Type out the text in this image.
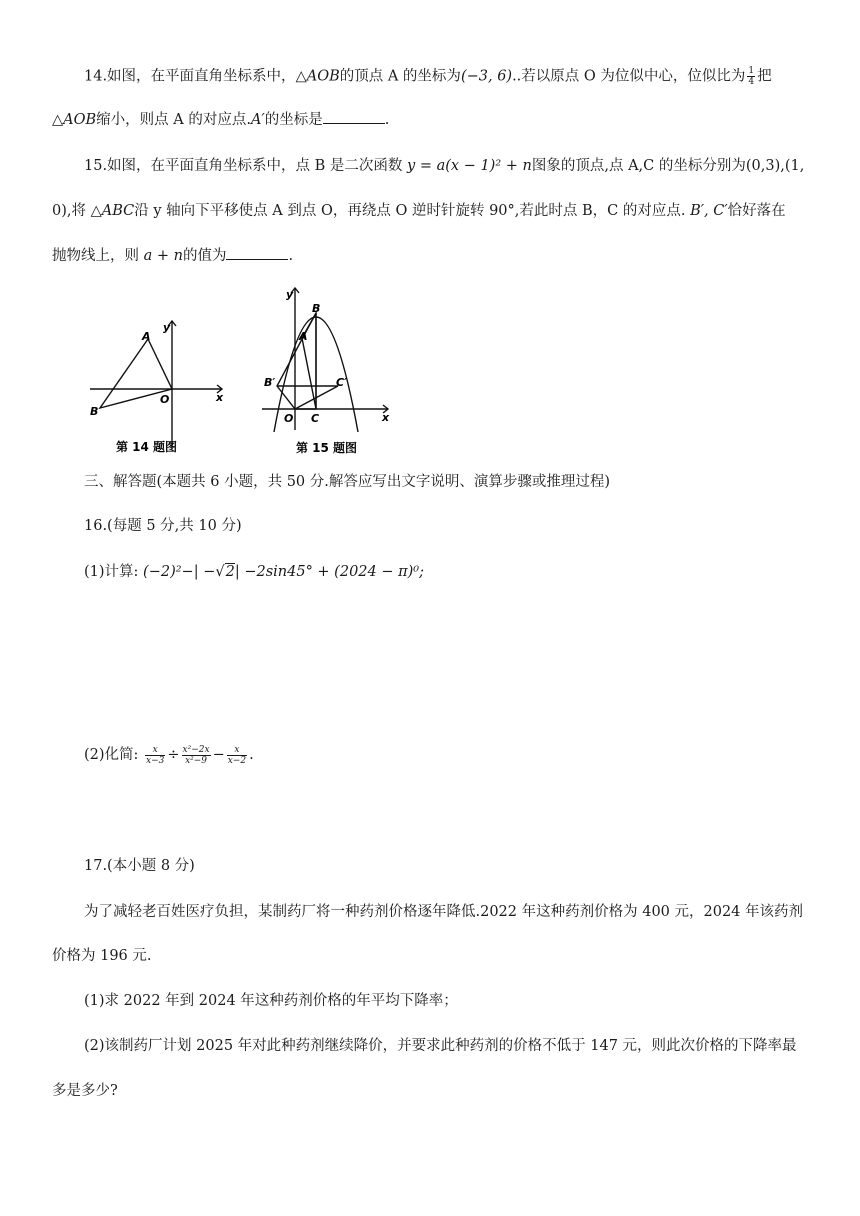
14.如图，在平面直角坐标系中，△AOB的顶点 A 的坐标为(−3, 6)..若以原点 O 为位似中心，位似比为 $\frac{1}{4}$ 把
△AOB缩小，则点 A 的对应点.A′的坐标是	.
15.如图，在平面直角坐标系中，点 B 是二次函数 y = a(x − 1)² + n图象的顶点,点 A,C 的坐标分别为(0,3),(1,
0),将 △ABC沿 y 轴向下平移使点 A 到点 O，再绕点 O 逆时针旋转 90°,若此时点 B，C 的对应点. B′, C′恰好落在
抛物线上，则 a + n的值为	.
A
B
O	x
y
第 14 题图
B
A
B′	C′
C
O	x
y
第 15 题图
三、解答题(本题共 6 小题，共 50 分.解答应写出文字说明、演算步骤或推理过程)
16.(每题 5 分,共 10 分)
(1)计算: (−2)²−| −√2| −2sin45° + (2024 − π)⁰;
(2)化简: $\frac{x}{x-3} \div \frac{\text{x²−2x}}{\text{x²−9}} - \frac{x}{x-2}$ .
17.(本小题 8 分)
为了减轻老百姓医疗负担，某制药厂将一种药剂价格逐年降低.2022 年这种药剂价格为 400 元，2024 年该药剂
价格为 196 元.
(1)求 2022 年到 2024 年这种药剂价格的年平均下降率；
(2)该制药厂计划 2025 年对此种药剂继续降价，并要求此种药剂的价格不低于 147 元，则此次价格的下降率最
多是多少?
